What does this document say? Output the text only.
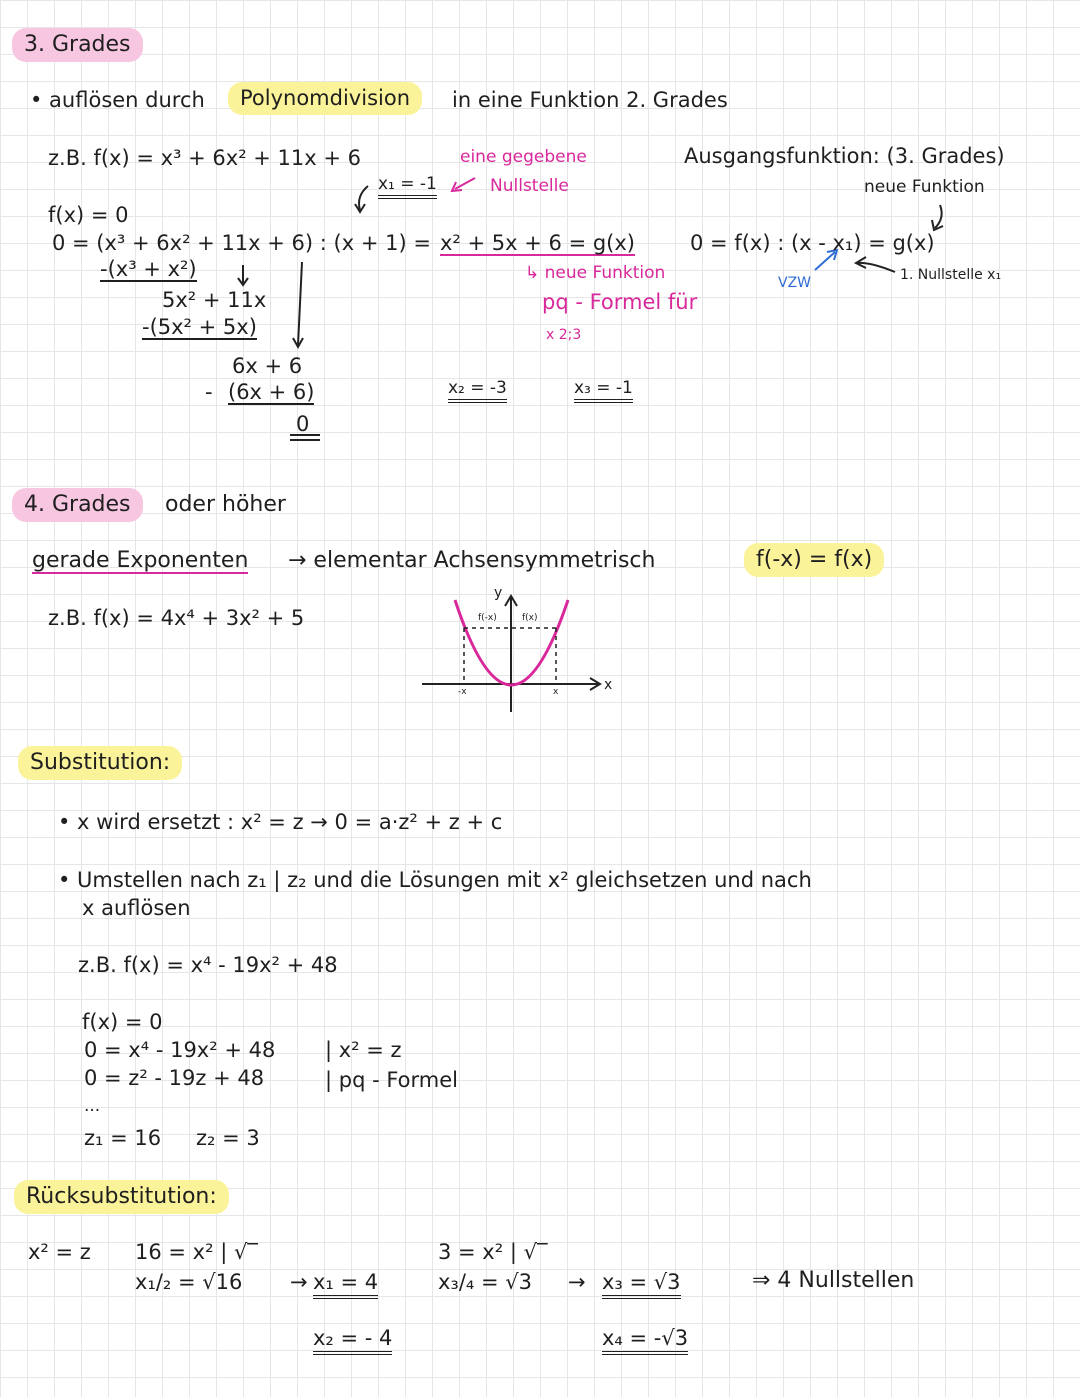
3. Grades
• auflösen durch	Polynomdivision	in eine Funktion 2. Grades
z.B. f(x) = x³ + 6x² + 11x + 6	eine gegebene
Nullstelle
x₁ = -1
f(x) = 0
0 = (x³ + 6x² + 11x + 6) : (x + 1) = x² + 5x + 6 = g(x)
-(x³ + x²)
5x² + 11x
-(5x² + 5x)
6x + 6
- (6x + 6)
0
↳ neue Funktion
pq - Formel für
x 2;3
x₂ = -3	x₃ = -1
Ausgangsfunktion: (3. Grades)
neue Funktion
0 = f(x) : (x - x₁) = g(x)
VZW	1. Nullstelle x₁
4. Grades	oder höher
gerade Exponenten → elementar Achsensymmetrisch	f(-x) = f(x)
z.B. f(x) = 4x⁴ + 3x² + 5
y
x
f(-x)	f(x)
-x	x
Substitution:
• x wird ersetzt : x² = z → 0 = a·z² + z + c
• Umstellen nach z₁ | z₂ und die Lösungen mit x² gleichsetzen und nach
x auflösen
z.B. f(x) = x⁴ - 19x² + 48
f(x) = 0
0 = x⁴ - 19x² + 48
0 = z² - 19z + 48
| x² = z
| pq - Formel
...
z₁ = 16 z₂ = 3
Rücksubstitution:
x² = z 16 = x² | √‾
x₁/₂ = √16 → x₁ = 4
x₂ = - 4
3 = x² | √‾
x₃/₄ = √3 → x₃ = √3
x₄ = -√3
⇒ 4 Nullstellen
